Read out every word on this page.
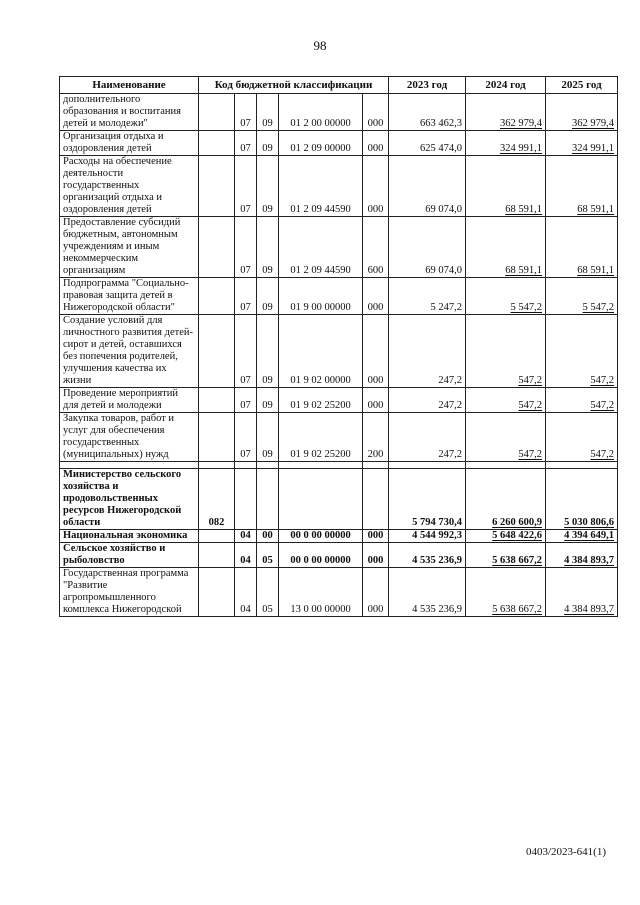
98
Наименование	Код бюджетной классификации					2023 год	2024 год	2025 год
дополнительного образования и воспитания детей и молодежи"		07	09	01 2 00 00000	000	663 462,3	362 979,4	362 979,4
Организация отдыха и оздоровления детей		07	09	01 2 09 00000	000	625 474,0	324 991,1	324 991,1
Расходы на обеспечение деятельности государственных организаций отдыха и оздоровления детей		07	09	01 2 09 44590	000	69 074,0	68 591,1	68 591,1
Предоставление субсидий бюджетным, автономным учреждениям и иным некоммерческим организациям		07	09	01 2 09 44590	600	69 074,0	68 591,1	68 591,1
Подпрограмма "Социально-правовая защита детей в Нижегородской области"		07	09	01 9 00 00000	000	5 247,2	5 547,2	5 547,2
Создание условий для личностного развития детей-сирот и детей, оставшихся без попечения родителей, улучшения качества их жизни		07	09	01 9 02 00000	000	247,2	547,2	547,2
Проведение мероприятий для детей и молодежи		07	09	01 9 02 25200	000	247,2	547,2	547,2
Закупка товаров, работ и услуг для обеспечения государственных (муниципальных) нужд		07	09	01 9 02 25200	200	247,2	547,2	547,2

Министерство сельского хозяйства и продовольственных ресурсов Нижегородской области	082					5 794 730,4	6 260 600,9	5 030 806,6
Национальная экономика		04	00	00 0 00 00000	000	4 544 992,3	5 648 422,6	4 394 649,1
Сельское хозяйство и рыболовство		04	05	00 0 00 00000	000	4 535 236,9	5 638 667,2	4 384 893,7
Государственная программа "Развитие агропромышленного комплекса Нижегородской		04	05	13 0 00 00000	000	4 535 236,9	5 638 667,2	4 384 893,7
0403/2023-641(1)
